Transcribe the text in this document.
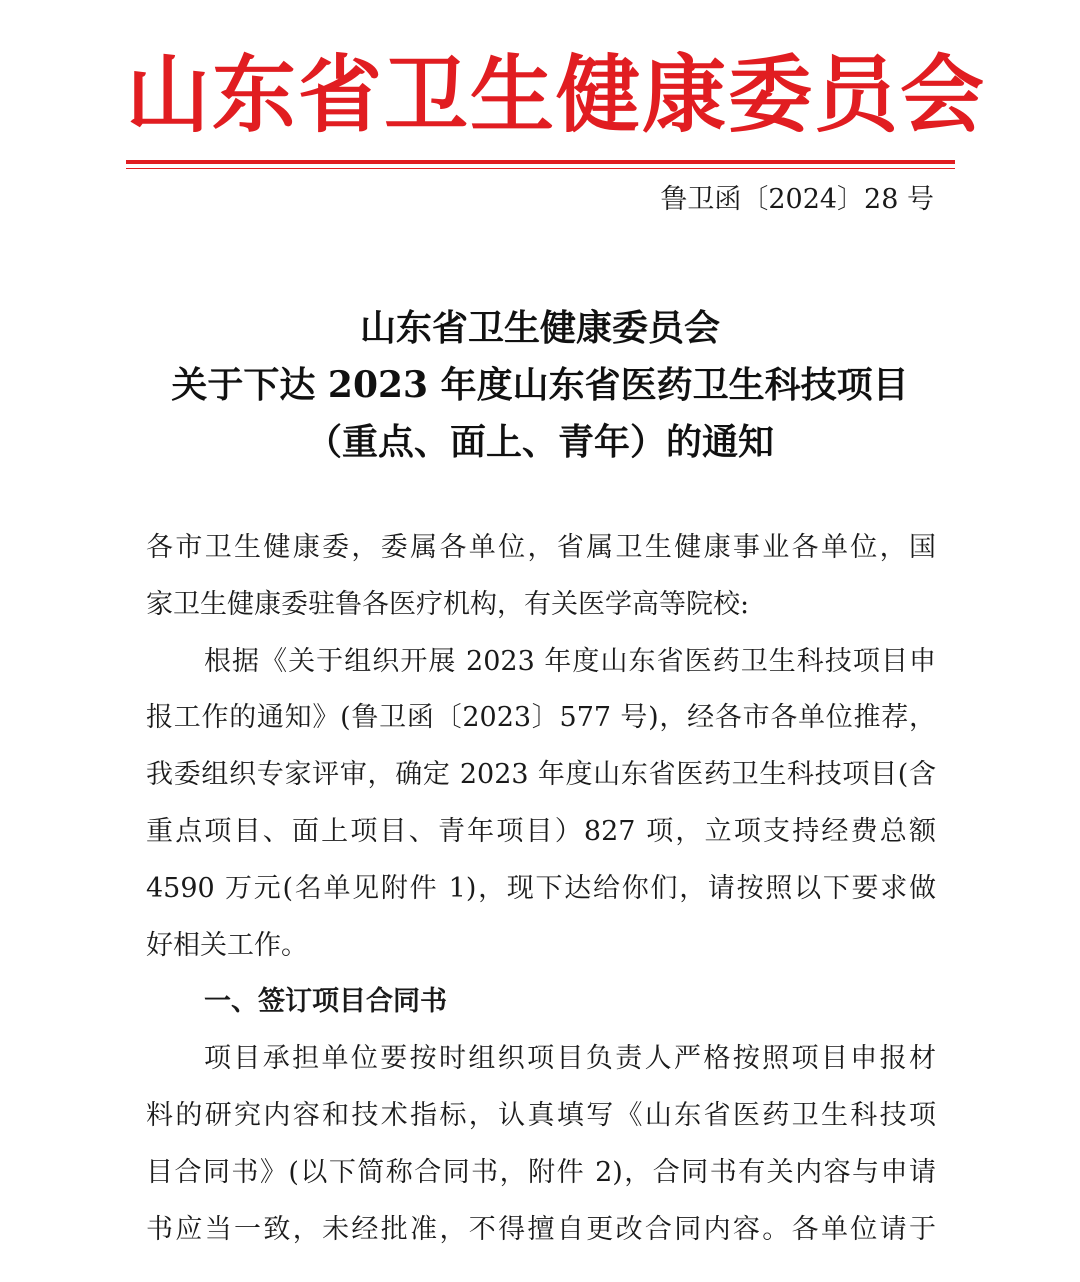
山东省卫生健康委员会
鲁卫函〔2024〕28 号
山东省卫生健康委员会
关于下达 2023 年度山东省医药卫生科技项目
（重点、面上、青年）的通知
各市卫生健康委，委属各单位，省属卫生健康事业各单位，国
家卫生健康委驻鲁各医疗机构，有关医学高等院校:
根据《关于组织开展 2023 年度山东省医药卫生科技项目申
报工作的通知》(鲁卫函〔2023〕577 号)，经各市各单位推荐，
我委组织专家评审，确定 2023 年度山东省医药卫生科技项目(含
重点项目、面上项目、青年项目）827 项，立项支持经费总额
4590 万元(名单见附件 1)，现下达给你们，请按照以下要求做
好相关工作。
一、签订项目合同书
项目承担单位要按时组织项目负责人严格按照项目申报材
料的研究内容和技术指标，认真填写《山东省医药卫生科技项
目合同书》(以下简称合同书，附件 2)，合同书有关内容与申请
书应当一致，未经批准，不得擅自更改合同内容。各单位请于
